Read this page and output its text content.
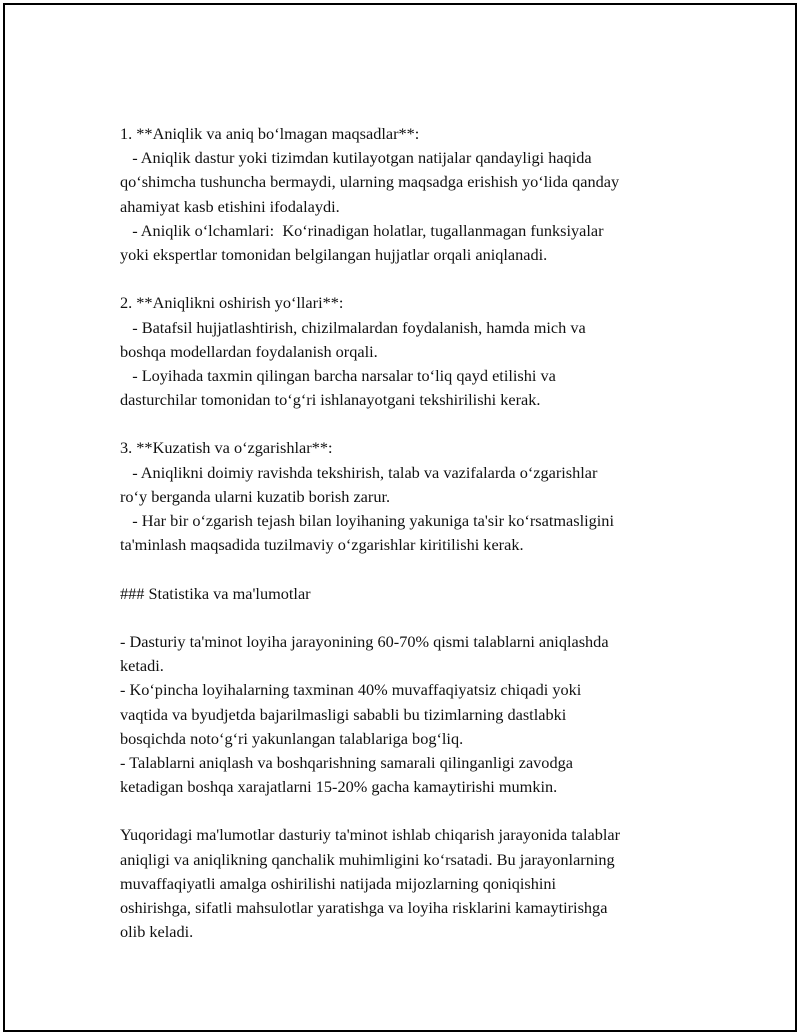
1. **Aniqlik va aniq bo‘lmagan maqsadlar**:
- Aniqlik dastur yoki tizimdan kutilayotgan natijalar qandayligi haqida
qo‘shimcha tushuncha bermaydi, ularning maqsadga erishish yo‘lida qanday
ahamiyat kasb etishini ifodalaydi.
- Aniqlik o‘lchamlari:  Ko‘rinadigan holatlar, tugallanmagan funksiyalar
yoki ekspertlar tomonidan belgilangan hujjatlar orqali aniqlanadi.
2. **Aniqlikni oshirish yo‘llari**:
- Batafsil hujjatlashtirish, chizilmalardan foydalanish, hamda mich va
boshqa modellardan foydalanish orqali.
- Loyihada taxmin qilingan barcha narsalar to‘liq qayd etilishi va
dasturchilar tomonidan to‘g‘ri ishlanayotgani tekshirilishi kerak.
3. **Kuzatish va o‘zgarishlar**:
- Aniqlikni doimiy ravishda tekshirish, talab va vazifalarda o‘zgarishlar
ro‘y berganda ularni kuzatib borish zarur.
- Har bir o‘zgarish tejash bilan loyihaning yakuniga ta'sir ko‘rsatmasligini
ta'minlash maqsadida tuzilmaviy o‘zgarishlar kiritilishi kerak.
### Statistika va ma'lumotlar
- Dasturiy ta'minot loyiha jarayonining 60-70% qismi talablarni aniqlashda
ketadi.
- Ko‘pincha loyihalarning taxminan 40% muvaffaqiyatsiz chiqadi yoki
vaqtida va byudjetda bajarilmasligi sababli bu tizimlarning dastlabki
bosqichda noto‘g‘ri yakunlangan talablariga bog‘liq.
- Talablarni aniqlash va boshqarishning samarali qilinganligi zavodga
ketadigan boshqa xarajatlarni 15-20% gacha kamaytirishi mumkin.
Yuqoridagi ma'lumotlar dasturiy ta'minot ishlab chiqarish jarayonida talablar
aniqligi va aniqlikning qanchalik muhimligini ko‘rsatadi. Bu jarayonlarning
muvaffaqiyatli amalga oshirilishi natijada mijozlarning qoniqishini
oshirishga, sifatli mahsulotlar yaratishga va loyiha risklarini kamaytirishga
olib keladi.
